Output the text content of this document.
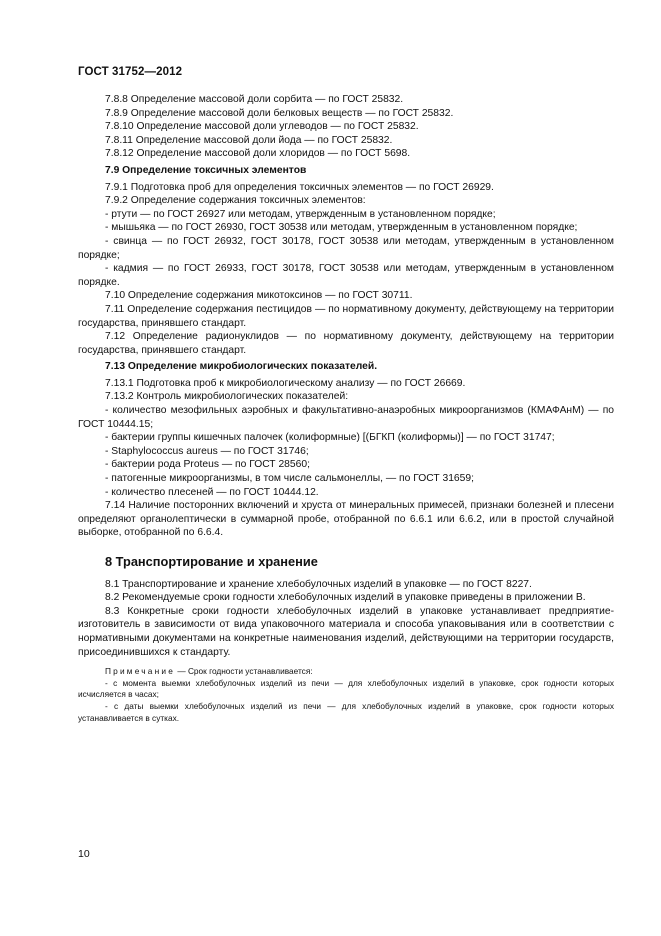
ГОСТ 31752—2012

7.8.8 Определение массовой доли сорбита — по ГОСТ 25832.

7.8.9 Определение массовой доли белковых веществ — по ГОСТ 25832.

7.8.10 Определение массовой доли углеводов — по ГОСТ 25832.

7.8.11 Определение массовой доли йода — по ГОСТ 25832.

7.8.12 Определение массовой доли хлоридов — по ГОСТ 5698.

7.9 Определение токсичных элементов

7.9.1 Подготовка проб для определения токсичных элементов — по ГОСТ 26929.

7.9.2 Определение содержания токсичных элементов:

- ртути — по ГОСТ 26927 или методам, утвержденным в установленном порядке;

- мышьяка — по ГОСТ 26930, ГОСТ 30538 или методам, утвержденным в установленном порядке;

- свинца — по ГОСТ 26932, ГОСТ 30178, ГОСТ 30538 или методам, утвержденным в установленном порядке;

- кадмия — по ГОСТ 26933, ГОСТ 30178, ГОСТ 30538 или методам, утвержденным в установленном порядке.

7.10 Определение содержания микотоксинов — по ГОСТ 30711.

7.11 Определение содержания пестицидов — по нормативному документу, действующему на территории государства, принявшего стандарт.

7.12 Определение радионуклидов — по нормативному документу, действующему на территории государства, принявшего стандарт.

7.13 Определение микробиологических показателей.

7.13.1 Подготовка проб к микробиологическому анализу — по ГОСТ 26669.

7.13.2 Контроль микробиологических показателей:

- количество мезофильных аэробных и факультативно-анаэробных микроорганизмов (КМАФАнМ) — по ГОСТ 10444.15;

- бактерии группы кишечных палочек (колиформные) [(БГКП (колиформы)] — по ГОСТ 31747;

- Staphylococcus aureus — по ГОСТ 31746;

- бактерии рода Proteus — по ГОСТ 28560;

- патогенные микроорганизмы, в том числе сальмонеллы, — по ГОСТ 31659;

- количество плесеней — по ГОСТ 10444.12.

7.14 Наличие посторонних включений и хруста от минеральных примесей, признаки болезней и плесени определяют органолептически в суммарной пробе, отобранной по 6.6.1 или 6.6.2, или в простой случайной выборке, отобранной по 6.6.4.

8 Транспортирование и хранение

8.1 Транспортирование и хранение хлебобулочных изделий в упаковке — по ГОСТ 8227.

8.2 Рекомендуемые сроки годности хлебобулочных изделий в упаковке приведены в приложении В.

8.3 Конкретные сроки годности хлебобулочных изделий в упаковке устанавливает предприятие-изготовитель в зависимости от вида упаковочного материала и способа упаковывания или в соответствии с нормативными документами на конкретные наименования изделий, действующими на территории государств, присоединившихся к стандарту.

Примечание — Срок годности устанавливается:

- с момента выемки хлебобулочных изделий из печи — для хлебобулочных изделий в упаковке, срок годности которых исчисляется в часах;

- с даты выемки хлебобулочных изделий из печи — для хлебобулочных изделий в упаковке, срок годности которых устанавливается в сутках.

10
